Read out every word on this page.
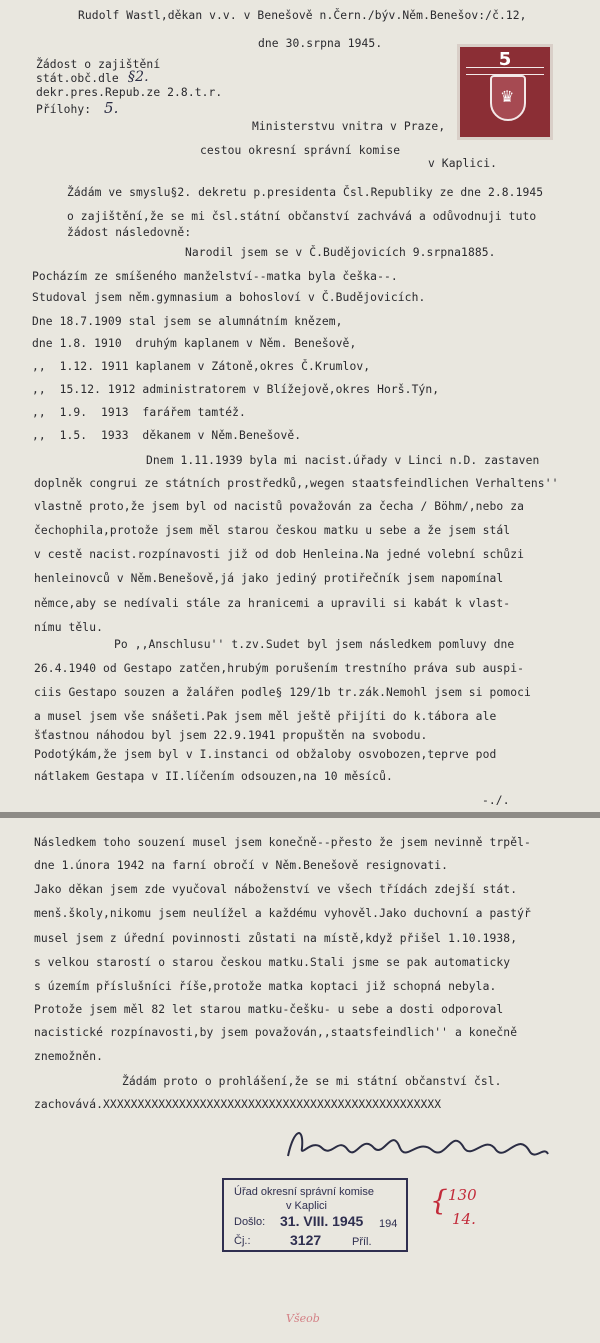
Rudolf Wastl,děkan v.v. v Benešově n.Čern./býv.Něm.Benešov:/č.12,
dne 30.srpna 1945.
Žádost o zajištění
stát.obč.dle §2.
dekr.pres.Repub.ze 2.8.t.r.
Přílohy: 5.
5
♛
Ministerstvu vnitra v Praze,
cestou okresní správní komise
v Kaplici.
Žádám ve smyslu§2. dekretu p.presidenta Čsl.Republiky ze dne 2.8.1945
o zajištění,že se mi čsl.státní občanství zachvává a odůvodnuji tuto
žádost následovně:
Narodil jsem se v Č.Budějovicích 9.srpna1885.
Pocházím ze smíšeného manželství--matka byla češka--.
Studoval jsem něm.gymnasium a bohosloví v Č.Budějovicích.
Dne 18.7.1909 stal jsem se alumnátním knězem,
dne 1.8. 1910  druhým kaplanem v Něm. Benešově,
,,  1.12. 1911 kaplanem v Zátoně,okres Č.Krumlov,
,,  15.12. 1912 administratorem v Blížejově,okres Horš.Týn,
,,  1.9.  1913  farářem tamtéž.
,,  1.5.  1933  děkanem v Něm.Benešově.
Dnem 1.11.1939 byla mi nacist.úřady v Linci n.D. zastaven
doplněk congrui ze státních prostředků,,wegen staatsfeindlichen Verhaltens''
vlastně proto,že jsem byl od nacistů považován za čecha / Böhm/,nebo za
čechophila,protože jsem měl starou českou matku u sebe a že jsem stál
v cestě nacist.rozpínavosti již od dob Henleina.Na jedné volební schůzi
henleinovců v Něm.Benešově,já jako jediný protiřečník jsem napomínal
němce,aby se nedívali stále za hranicemi a upravili si kabát k vlast-
nímu tělu.
Po ,,Anschlusu'' t.zv.Sudet byl jsem následkem pomluvy dne
26.4.1940 od Gestapo zatčen,hrubým porušením trestního práva sub auspi-
ciis Gestapo souzen a žalářen podle§ 129/1b tr.zák.Nemohl jsem si pomoci
a musel jsem vše snášeti.Pak jsem měl ještě přijíti do k.tábora ale
šťastnou náhodou byl jsem 22.9.1941 propuštěn na svobodu.
Podotýkám,že jsem byl v I.instanci od obžaloby osvobozen,teprve pod
nátlakem Gestapa v II.líčením odsouzen,na 10 měsíců.
-./.
Následkem toho souzení musel jsem konečně--přesto že jsem nevinně trpěl-
dne 1.února 1942 na farní obročí v Něm.Benešově resignovati.
Jako děkan jsem zde vyučoval náboženství ve všech třídách zdejší stát.
menš.školy,nikomu jsem neulížel a každému vyhověl.Jako duchovní a pastýř
musel jsem z úřední povinnosti zůstati na místě,když přišel 1.10.1938,
s velkou starostí o starou českou matku.Stali jsme se pak automaticky
s územím příslušníci říše,protože matka koptaci již schopná nebyla.
Protože jsem měl 82 let starou matku-češku- u sebe a dosti odporoval
nacistické rozpínavosti,by jsem považován,,staatsfeindlich'' a konečně
znemožněn.
Žádám proto o prohlášení,že se mi státní občanství čsl.
zachovává.XXXXXXXXXXXXXXXXXXXXXXXXXXXXXXXXXXXXXXXXXXXXXXXXX
Rudolf Wastl
Úřad okresní správní komise
v Kaplici
Došlo: 31. VIII. 1945 194
Čj.:	3127	Příl.
{ 130
14.
Všeob
